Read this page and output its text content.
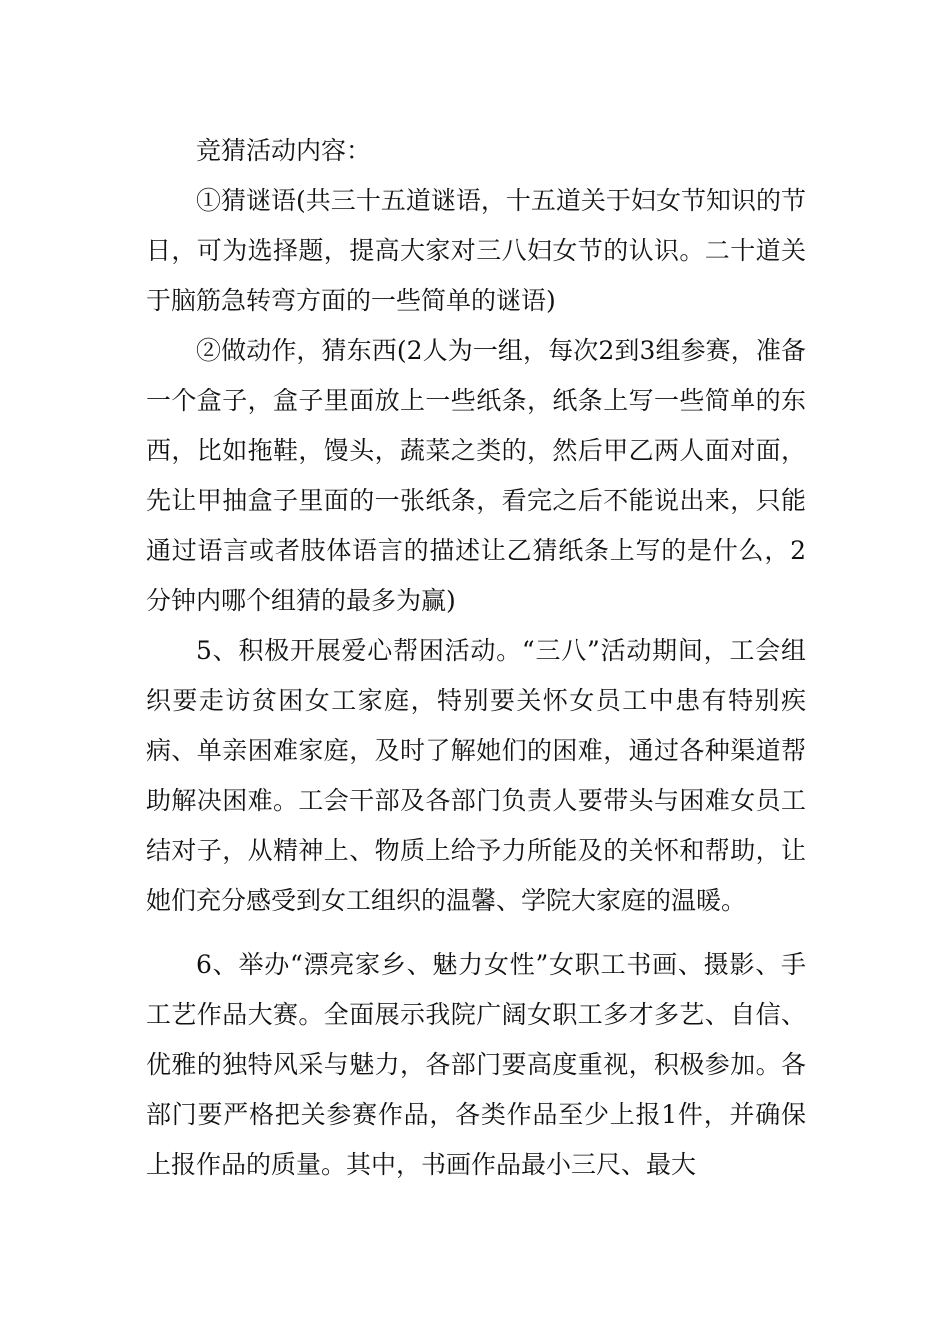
竞猜活动内容：

①猜谜语(共三十五道谜语，十五道关于妇女节知识的节日，可为选择题，提高大家对三八妇女节的认识。二十道关于脑筋急转弯方面的一些简单的谜语)

②做动作，猜东西(2人为一组，每次2到3组参赛，准备一个盒子，盒子里面放上一些纸条，纸条上写一些简单的东西，比如拖鞋，馒头，蔬菜之类的，然后甲乙两人面对面，先让甲抽盒子里面的一张纸条，看完之后不能说出来，只能通过语言或者肢体语言的描述让乙猜纸条上写的是什么，2分钟内哪个组猜的最多为赢)

5、积极开展爱心帮困活动。“三八”活动期间，工会组织要走访贫困女工家庭，特别要关怀女员工中患有特别疾病、单亲困难家庭，及时了解她们的困难，通过各种渠道帮助解决困难。工会干部及各部门负责人要带头与困难女员工结对子，从精神上、物质上给予力所能及的关怀和帮助，让她们充分感受到女工组织的温馨、学院大家庭的温暖。

6、举办“漂亮家乡、魅力女性”女职工书画、摄影、手工艺作品大赛。全面展示我院广阔女职工多才多艺、自信、优雅的独特风采与魅力，各部门要高度重视，积极参加。各部门要严格把关参赛作品，各类作品至少上报1件，并确保上报作品的质量。其中，书画作品最小三尺、最大
